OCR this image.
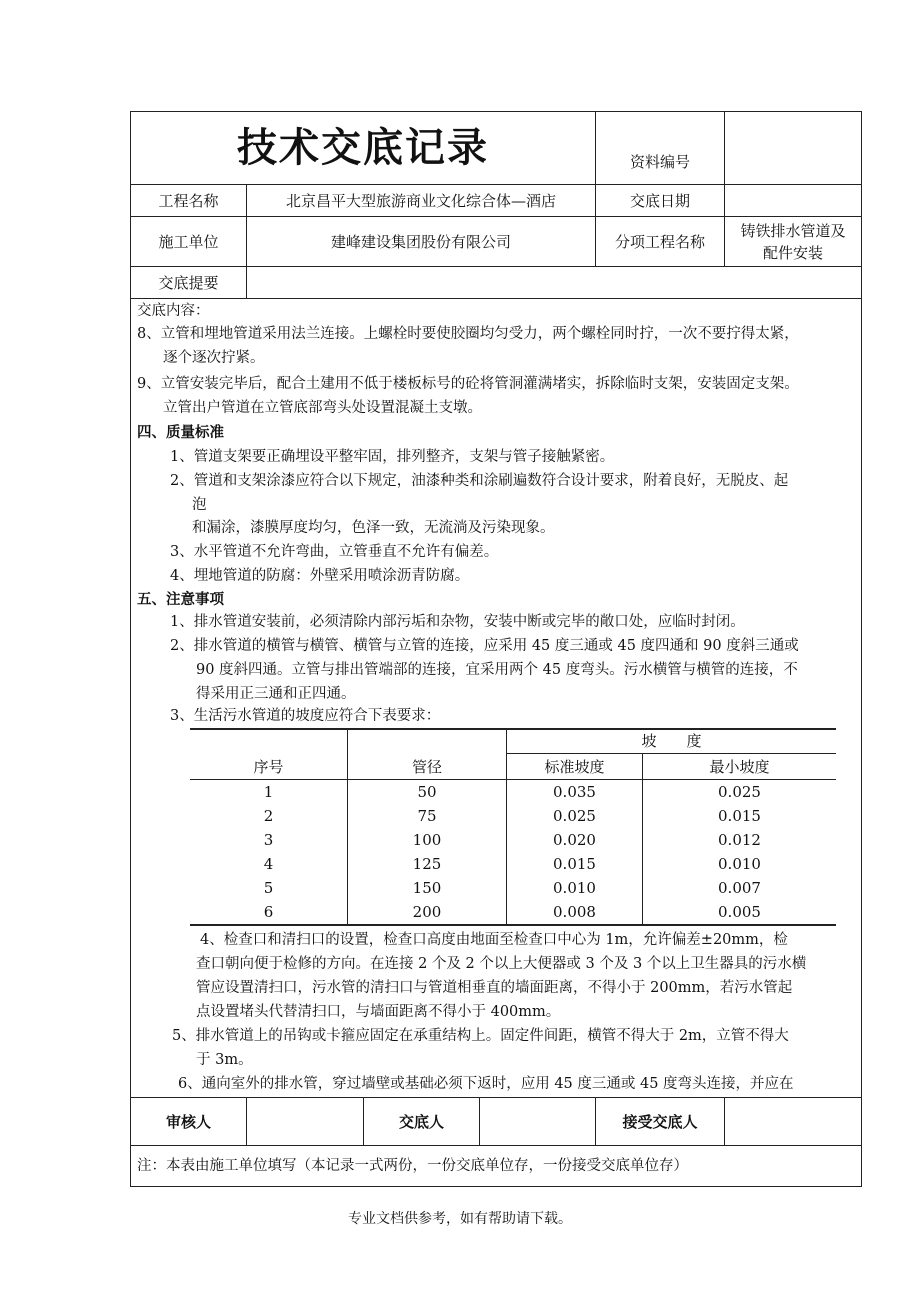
技术交底记录	资料编号
工程名称	北京昌平大型旅游商业文化综合体—酒店	交底日期
施工单位	建峰建设集团股份有限公司	分项工程名称
铸铁排水管道及
配件安装
交底提要
交底内容：
8、立管和埋地管道采用法兰连接。上螺栓时要使胶圈均匀受力，两个螺栓同时拧，一次不要拧得太紧，
逐个逐次拧紧。
9、立管安装完毕后，配合土建用不低于楼板标号的砼将管洞灌满堵实，拆除临时支架，安装固定支架。
立管出户管道在立管底部弯头处设置混凝土支墩。
四、质量标准
1、管道支架要正确埋设平整牢固，排列整齐，支架与管子接触紧密。
2、管道和支架涂漆应符合以下规定，油漆种类和涂刷遍数符合设计要求，附着良好，无脱皮、起
泡
和漏涂，漆膜厚度均匀，色泽一致，无流淌及污染现象。
3、水平管道不允许弯曲，立管垂直不允许有偏差。
4、埋地管道的防腐：外壁采用喷涂沥青防腐。
五、注意事项
1、排水管道安装前，必须清除内部污垢和杂物，安装中断或完毕的敞口处，应临时封闭。
2、排水管道的横管与横管、横管与立管的连接，应采用 45 度三通或 45 度四通和 90 度斜三通或
90 度斜四通。立管与排出管端部的连接，宜采用两个 45 度弯头。污水横管与横管的连接，不
得采用正三通和正四通。
3、生活污水管道的坡度应符合下表要求：
序号	管径
坡　　度
标准坡度	最小坡度
1	50	0.035	0.025
2	75	0.025	0.015
3	100	0.020	0.012
4	125	0.015	0.010
5	150	0.010	0.007
6	200	0.008	0.005
4、检查口和清扫口的设置，检查口高度由地面至检查口中心为 1m，允许偏差±20mm，检
查口朝向便于检修的方向。在连接 2 个及 2 个以上大便器或 3 个及 3 个以上卫生器具的污水横
管应设置清扫口，污水管的清扫口与管道相垂直的墙面距离，不得小于 200mm，若污水管起
点设置堵头代替清扫口，与墙面距离不得小于 400mm。
5、排水管道上的吊钩或卡箍应固定在承重结构上。固定件间距，横管不得大于 2m，立管不得大
于 3m。
6、通向室外的排水管，穿过墙壁或基础必须下返时，应用 45 度三通或 45 度弯头连接，并应在
审核人	交底人	接受交底人
注：本表由施工单位填写（本记录一式两份，一份交底单位存，一份接受交底单位存）
专业文档供参考，如有帮助请下载。
